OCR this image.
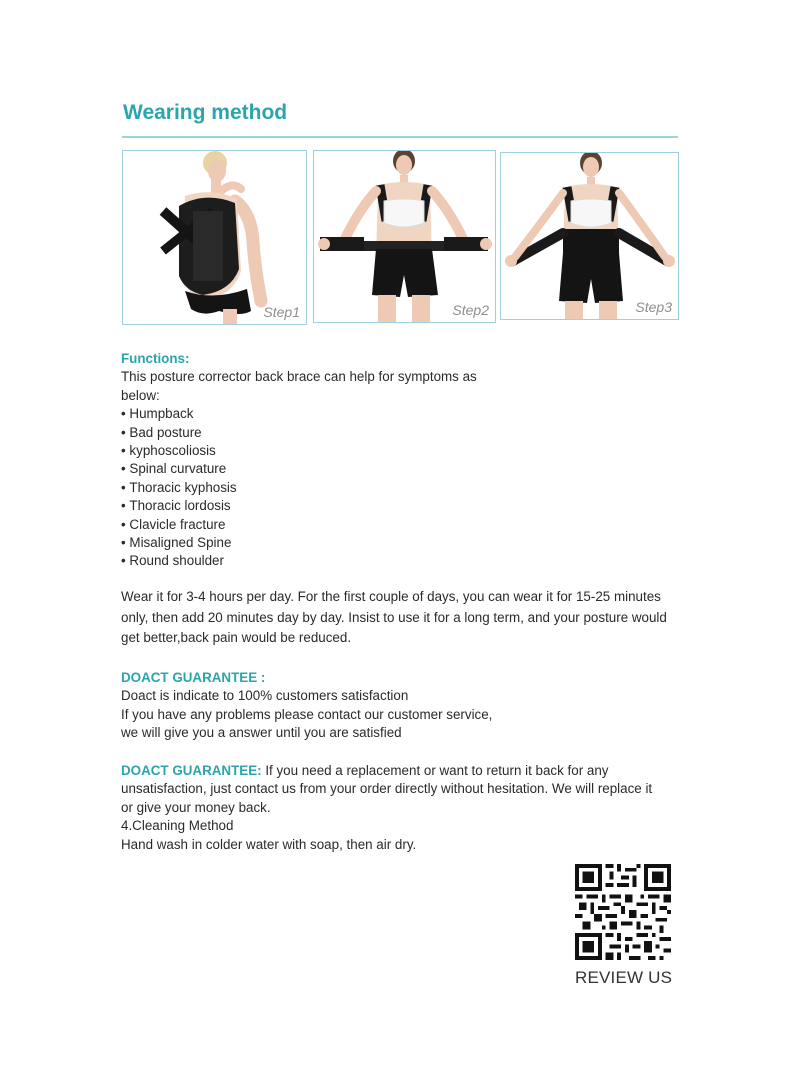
Wearing method
Step1	Step2	Step3
Functions:

This posture corrector back brace can help for symptoms as

below:

• Humpback
• Bad posture
• kyphoscoliosis
• Spinal curvature
• Thoracic kyphosis
• Thoracic lordosis
• Clavicle fracture
• Misaligned Spine
• Round shoulder

Wear it for 3-4 hours per day. For the first couple of days, you can wear it for 15-25 minutes

only, then add 20 minutes day by day. Insist to use it for a long term, and your posture would

get better,back pain would be reduced.

DOACT GUARANTEE :

Doact is indicate to 100% customers satisfaction

If you have any problems please contact our customer service,

we will give you a answer until you are satisfied

DOACT GUARANTEE: If you need a replacement or want to return it back for any

unsatisfaction, just contact us from your order directly without hesitation. We will replace it

or give your money back.

4.Cleaning Method

Hand wash in colder water with soap, then air dry.

REVIEW US
